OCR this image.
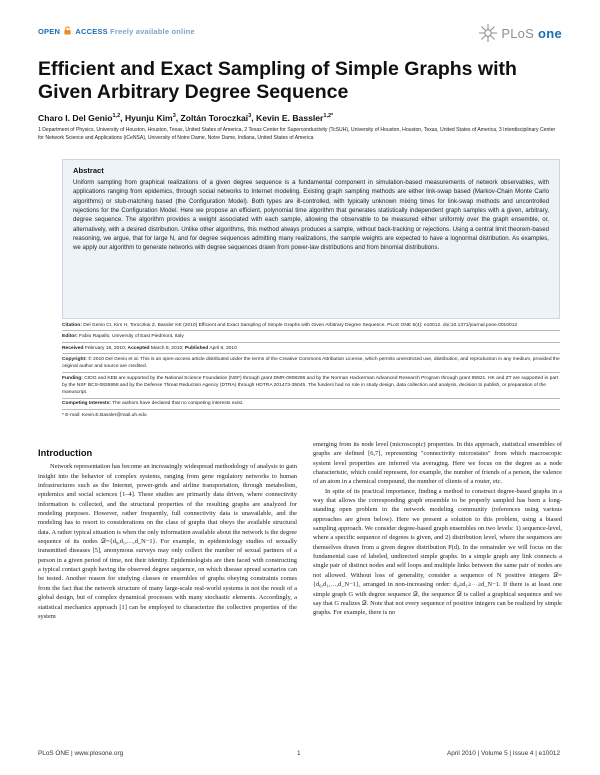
OPEN ACCESS Freely available online	PLoS one
Efficient and Exact Sampling of Simple Graphs with Given Arbitrary Degree Sequence
Charo I. Del Genio$^{1,2}$, Hyunju Kim$^3$, Zoltán Toroczkai$^3$, Kevin E. Bassler$^{1,2*}$
1 Department of Physics, University of Houston, Houston, Texas, United States of America, 2 Texas Center for Superconductivity (TcSUH), University of Houston, Houston, Texas, United States of America, 3 Interdisciplinary Center for Network Science and Applications (iCeNSA), University of Notre Dame, Notre Dame, Indiana, United States of America
Abstract

Uniform sampling from graphical realizations of a given degree sequence is a fundamental component in simulation-based measurements of network observables, with applications ranging from epidemics, through social networks to Internet modeling. Existing graph sampling methods are either link-swap based (Markov-Chain Monte Carlo algorithms) or stub-matching based (the Configuration Model). Both types are ill-controlled, with typically unknown mixing times for link-swap methods and uncontrolled rejections for the Configuration Model. Here we propose an efficient, polynomial time algorithm that generates statistically independent graph samples with a given, arbitrary, degree sequence. The algorithm provides a weight associated with each sample, allowing the observable to be measured either uniformly over the graph ensemble, or, alternatively, with a desired distribution. Unlike other algorithms, this method always produces a sample, without back-tracking or rejections. Using a central limit theorem-based reasoning, we argue, that for large N, and for degree sequences admitting many realizations, the sample weights are expected to have a lognormal distribution. As examples, we apply our algorithm to generate networks with degree sequences drawn from power-law distributions and from binomial distributions.

Citation: Del Genio CI, Kim H, Toroczkai Z, Bassler KE (2010) Efficient and Exact Sampling of Simple Graphs with Given Arbitrary Degree Sequence. PLoS ONE 5(4): e10012. doi:10.1371/journal.pone.0010012
Editor: Fabio Rapallo, University of East Piedmont, Italy
Received February 15, 2010; Accepted March 8, 2010; Published April 8, 2010
Copyright: © 2010 Del Genio et al. This is an open-access article distributed under the terms of the Creative Commons Attribution License, which permits unrestricted use, distribution, and reproduction in any medium, provided the original author and source are credited.
Funding: CIDG and KEB are supported by the National Science Foundation (NSF) through grant DMR-0908286 and by the Norman Hackerman Advanced Research Program through grant 95921. HK and ZT are supported in part by the NSF BCS-0826958 and by the Defense Threat Reduction Agency (DTRA) through HDTRA 201473-35045. The funders had no role in study design, data collection and analysis, decision to publish, or preparation of the manuscript.
Competing Interests: The authors have declared that no competing interests exist.
* E-mail: Kevin.E.Bassler@mail.uh.edu
Introduction

Network representation has become an increasingly widespread methodology of analysis to gain insight into the behavior of complex systems, ranging from gene regulatory networks to human infrastructures such as the Internet, power-grids and airline transportation, through metabolism, epidemics and social sciences [1–4]. These studies are primarily data driven, where connectivity information is collected, and the structural properties of the resulting graphs are analyzed for modeling purposes. However, rather frequently, full connectivity data is unavailable, and the modeling has to resort to considerations on the class of graphs that obeys the available structural data. A rather typical situation is when the only information available about the network is the degree sequence of its nodes 𝒟={d₀,d₁,…,d_N−1}. For example, in epidemiology studies of sexually transmitted diseases [5], anonymous surveys may only collect the number of sexual partners of a person in a given period of time, not their identity. Epidemiologists are then faced with constructing a typical contact graph having the observed degree sequence, on which disease spread scenarios can be tested. Another reason for studying classes or ensembles of graphs obeying constraints comes from the fact that the network structure of many large-scale real-world systems is not the result of a global design, but of complex dynamical processes with many stochastic elements. Accordingly, a statistical mechanics approach [1] can be employed to characterize the collective properties of the system

emerging from its node level (microscopic) properties. In this approach, statistical ensembles of graphs are defined [6,7], representing "connectivity microstates" from which macroscopic system level properties are inferred via averaging. Here we focus on the degree as a node characteristic, which could represent, for example, the number of friends of a person, the valence of an atom in a chemical compound, the number of clients of a router, etc.

In spite of its practical importance, finding a method to construct degree-based graphs in a way that allows the corresponding graph ensemble to be properly sampled has been a long-standing open problem in the network modeling community (references using various approaches are given below). Here we present a solution to this problem, using a biased sampling approach. We consider degree-based graph ensembles on two levels: 1) sequence-level, where a specific sequence of degrees is given, and 2) distribution level, where the sequences are themselves drawn from a given degree distribution P(d). In the remainder we will focus on the fundamental case of labeled, undirected simple graphs. In a simple graph any link connects a single pair of distinct nodes and self loops and multiple links between the same pair of nodes are not allowed. Without loss of generality, consider a sequence of N positive integers 𝒟={d₀,d₁,…,d_N−1}, arranged in non-increasing order: d₀≥d₁≥⋯≥d_N−1. If there is at least one simple graph G with degree sequence 𝒟, the sequence 𝒟 is called a graphical sequence and we say that G realizes 𝒟. Note that not every sequence of positive integers can be realized by simple graphs. For example, there is no

PLoS ONE | www.plosone.org	1	April 2010 | Volume 5 | Issue 4 | e10012
